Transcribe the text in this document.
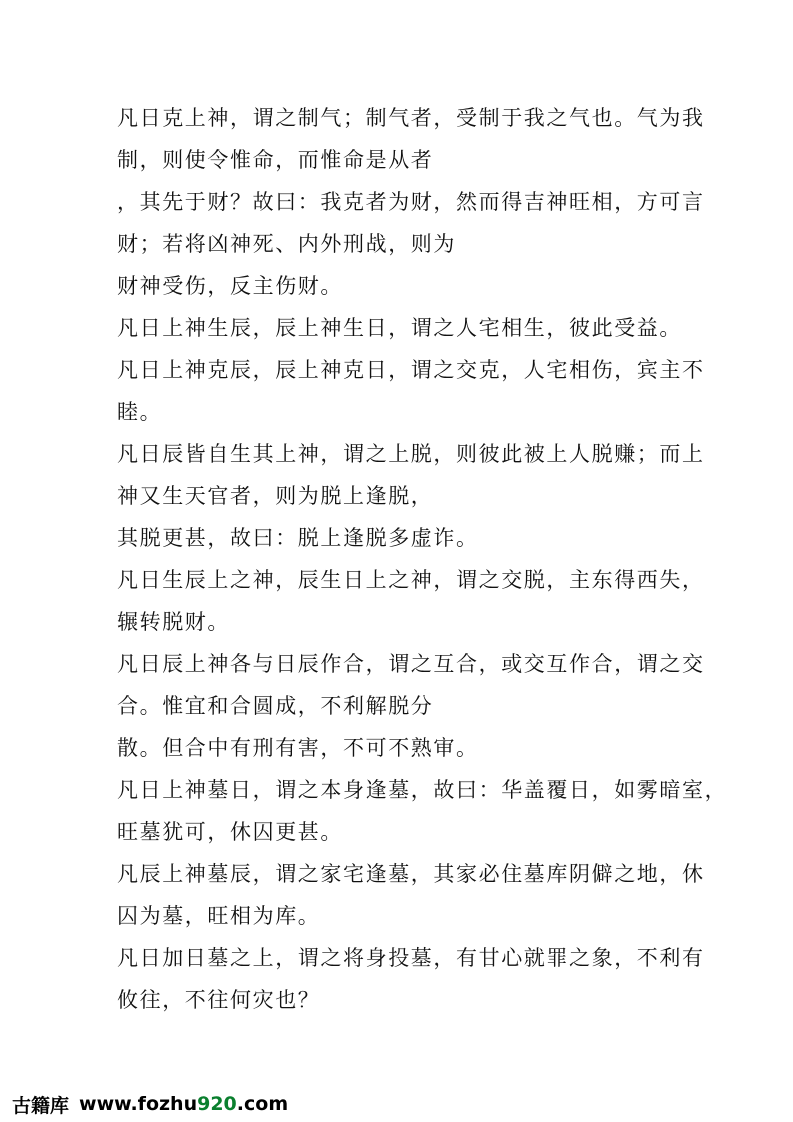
凡日克上神，谓之制气；制气者，受制于我之气也。气为我
制，则使令惟命，而惟命是从者
，其先于财？故曰：我克者为财，然而得吉神旺相，方可言
财；若将凶神死、内外刑战，则为
财神受伤，反主伤财。
凡日上神生辰，辰上神生日，谓之人宅相生，彼此受益。
凡日上神克辰，辰上神克日，谓之交克，人宅相伤，宾主不
睦。
凡日辰皆自生其上神，谓之上脱，则彼此被上人脱赚；而上
神又生天官者，则为脱上逢脱，
其脱更甚，故曰：脱上逢脱多虚诈。
凡日生辰上之神，辰生日上之神，谓之交脱，主东得西失，
辗转脱财。
凡日辰上神各与日辰作合，谓之互合，或交互作合，谓之交
合。惟宜和合圆成，不利解脱分
散。但合中有刑有害，不可不熟审。
凡日上神墓日，谓之本身逢墓，故曰：华盖覆日，如雾暗室，
旺墓犹可，休囚更甚。
凡辰上神墓辰，谓之家宅逢墓，其家必住墓库阴僻之地，休
囚为墓，旺相为库。
凡日加日墓之上，谓之将身投墓，有甘心就罪之象，不利有
攸往，不往何灾也？
古籍库 www.fozhu920.com
